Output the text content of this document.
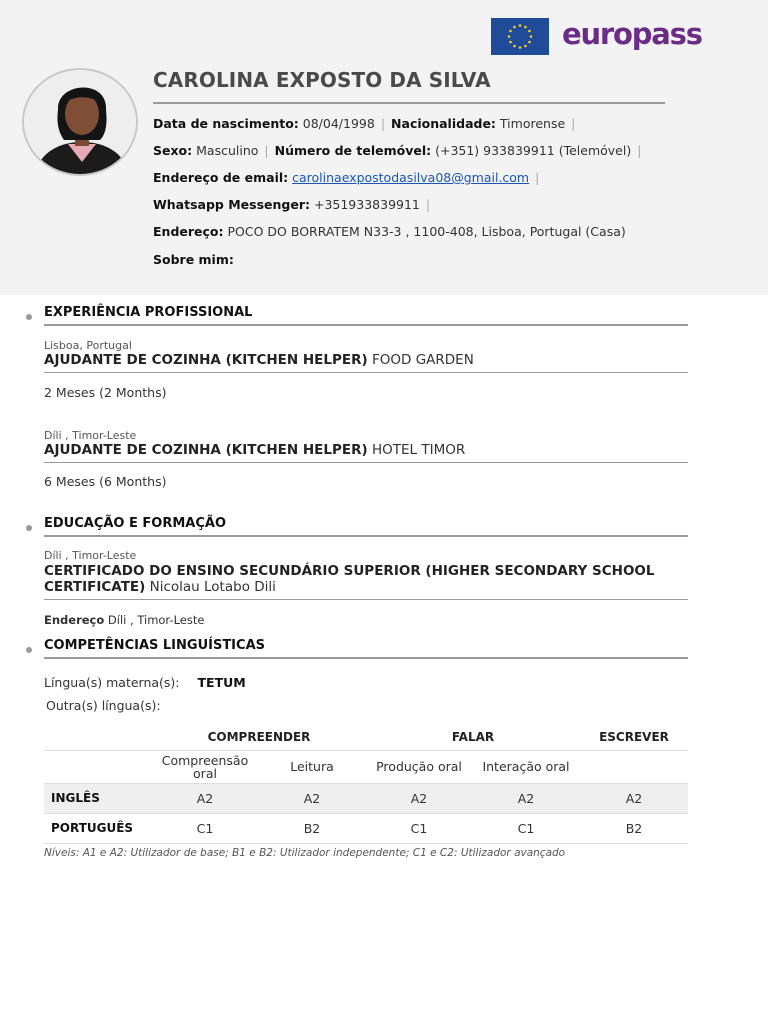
europass
CAROLINA EXPOSTO DA SILVA
Data de nascimento: 08/04/1998 | Nacionalidade: Timorense |
Sexo: Masculino | Número de telemóvel: (+351) 933839911 (Telemóvel) |
Endereço de email: carolinaexpostodasilva08@gmail.com |
Whatsapp Messenger: +351933839911 |
Endereço: POCO DO BORRATEM N33-3 , 1100-408, Lisboa, Portugal (Casa)
Sobre mim:
EXPERIÊNCIA PROFISSIONAL
Lisboa, Portugal
AJUDANTE DE COZINHA (KITCHEN HELPER) FOOD GARDEN
2 Meses (2 Months)
Díli , Timor-Leste
AJUDANTE DE COZINHA (KITCHEN HELPER) HOTEL TIMOR
6 Meses (6 Months)
EDUCAÇÃO E FORMAÇÃO
Díli , Timor-Leste
CERTIFICADO DO ENSINO SECUNDÁRIO SUPERIOR (HIGHER SECONDARY SCHOOL CERTIFICATE) Nicolau Lotabo Dili
Endereço Díli , Timor-Leste
COMPETÊNCIAS LINGUÍSTICAS
Língua(s) materna(s): TETUM
Outra(s) língua(s):
	COMPREENDER		FALAR		ESCREVER
	Compreensão oral	Leitura	Produção oral	Interação oral	
INGLÊS	A2	A2	A2	A2	A2
PORTUGUÊS	C1	B2	C1	C1	B2
Níveis: A1 e A2: Utilizador de base; B1 e B2: Utilizador independente; C1 e C2: Utilizador avançado
